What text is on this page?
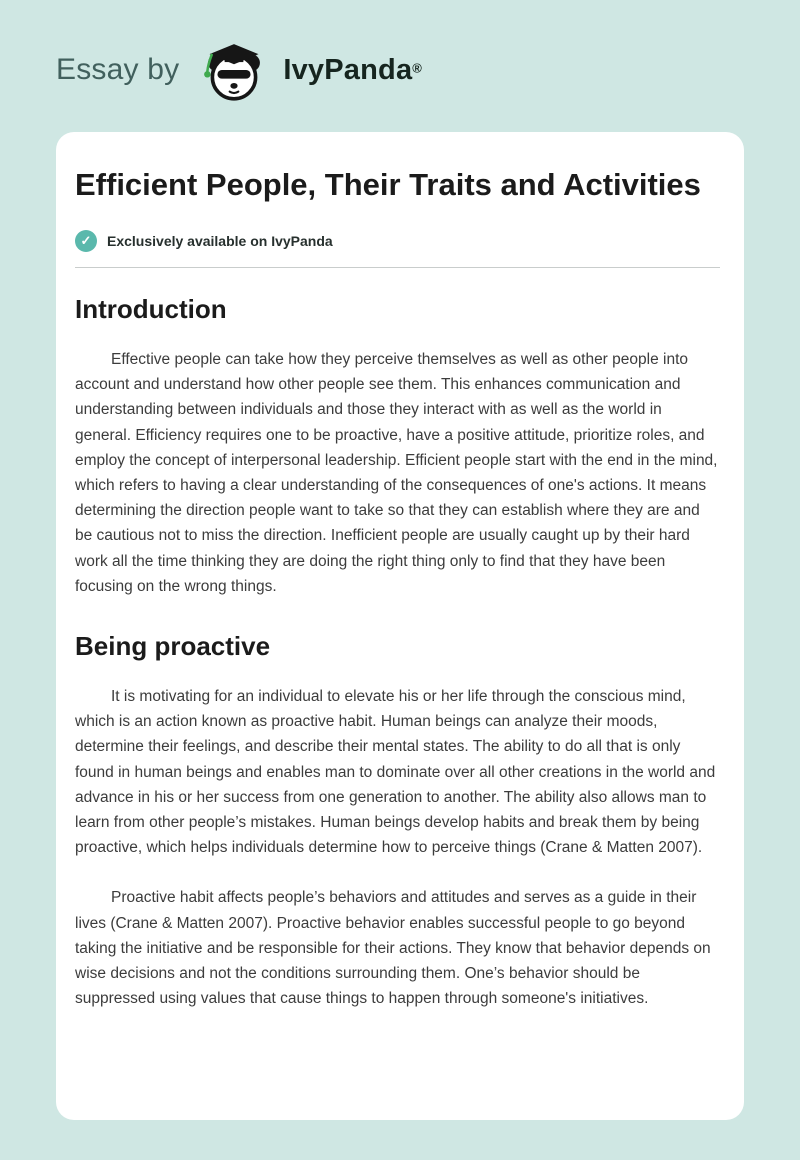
Essay by	IvyPanda®
Efficient People, Their Traits and Activities
✓	Exclusively available on IvyPanda
Introduction

Effective people can take how they perceive themselves as well as other people into account and understand how other people see them. This enhances communication and understanding between individuals and those they interact with as well as the world in general. Efficiency requires one to be proactive, have a positive attitude, prioritize roles, and employ the concept of interpersonal leadership. Efficient people start with the end in the mind, which refers to having a clear understanding of the consequences of one's actions. It means determining the direction people want to take so that they can establish where they are and be cautious not to miss the direction. Inefficient people are usually caught up by their hard work all the time thinking they are doing the right thing only to find that they have been focusing on the wrong things.

Being proactive

It is motivating for an individual to elevate his or her life through the conscious mind, which is an action known as proactive habit. Human beings can analyze their moods, determine their feelings, and describe their mental states. The ability to do all that is only found in human beings and enables man to dominate over all other creations in the world and advance in his or her success from one generation to another. The ability also allows man to learn from other people’s mistakes. Human beings develop habits and break them by being proactive, which helps individuals determine how to perceive things (Crane & Matten 2007).

Proactive habit affects people’s behaviors and attitudes and serves as a guide in their lives (Crane & Matten 2007). Proactive behavior enables successful people to go beyond taking the initiative and be responsible for their actions. They know that behavior depends on wise decisions and not the conditions surrounding them. One’s behavior should be suppressed using values that cause things to happen through someone's initiatives.
